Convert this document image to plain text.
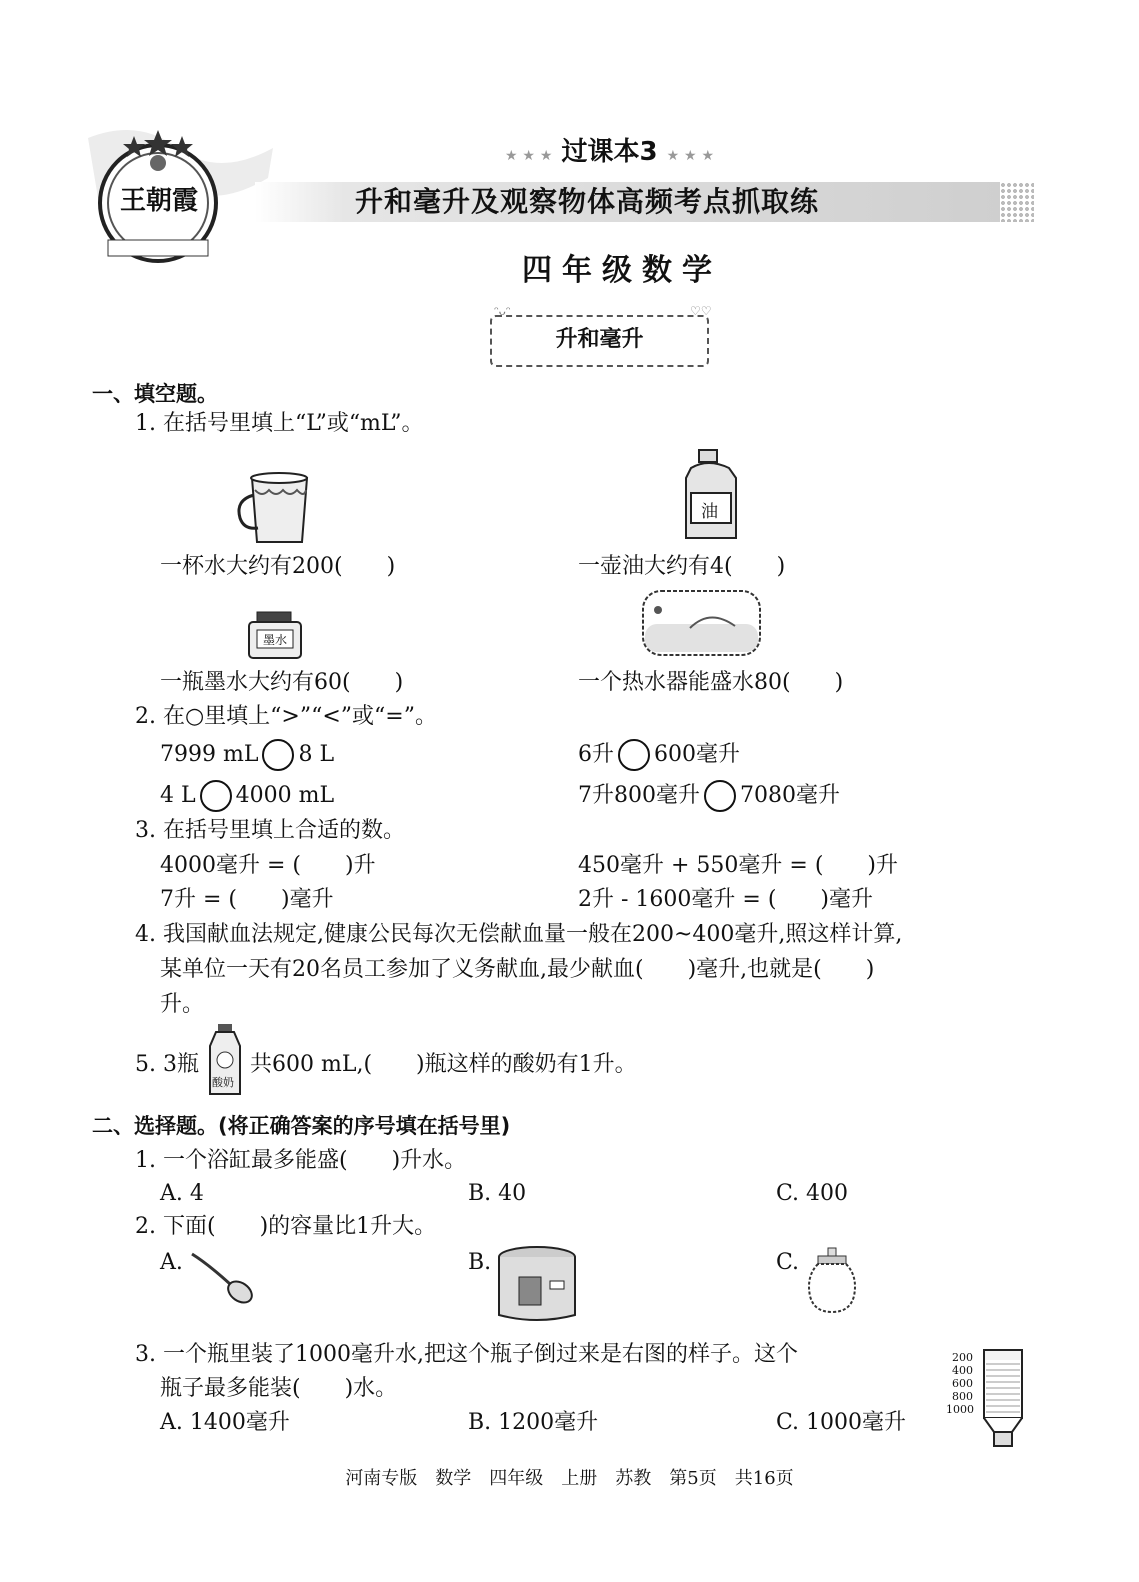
王朝霞
★ ★ ★ 过课本3 ★ ★ ★
升和毫升及观察物体高频考点抓取练
四年级数学
升和毫升
♡♡
ᵔᴗᵔ
一、填空题。
1. 在括号里填上“L”或“mL”。
油
一杯水大约有200(　　)	一壶油大约有4(　　)
墨水
一瓶墨水大约有60(　　)	一个热水器能盛水80(　　)
2. 在○里填上“>”“<”或“=”。
7999 mL 8 L	6升 600毫升
4 L 4000 mL	7升800毫升 7080毫升
3. 在括号里填上合适的数。
4000毫升 = (　　)升	450毫升 + 550毫升 = (　　)升
7升 = (　　)毫升	2升 - 1600毫升 = (　　)毫升
4. 我国献血法规定,健康公民每次无偿献血量一般在200~400毫升,照这样计算,
某单位一天有20名员工参加了义务献血,最少献血(　　)毫升,也就是(　　)
升。
5. 3瓶
酸奶
共600 mL,(　　)瓶这样的酸奶有1升。
二、选择题。(将正确答案的序号填在括号里)
1. 一个浴缸最多能盛(　　)升水。
A. 4	B. 40	C. 400
2. 下面(　　)的容量比1升大。
A.	B.	C.
3. 一个瓶里装了1000毫升水,把这个瓶子倒过来是右图的样子。这个
瓶子最多能装(　　)水。
A. 1400毫升	B. 1200毫升	C. 1000毫升
200
400
600
800
1000
河南专版　数学　四年级　上册　苏教　第5页　共16页
